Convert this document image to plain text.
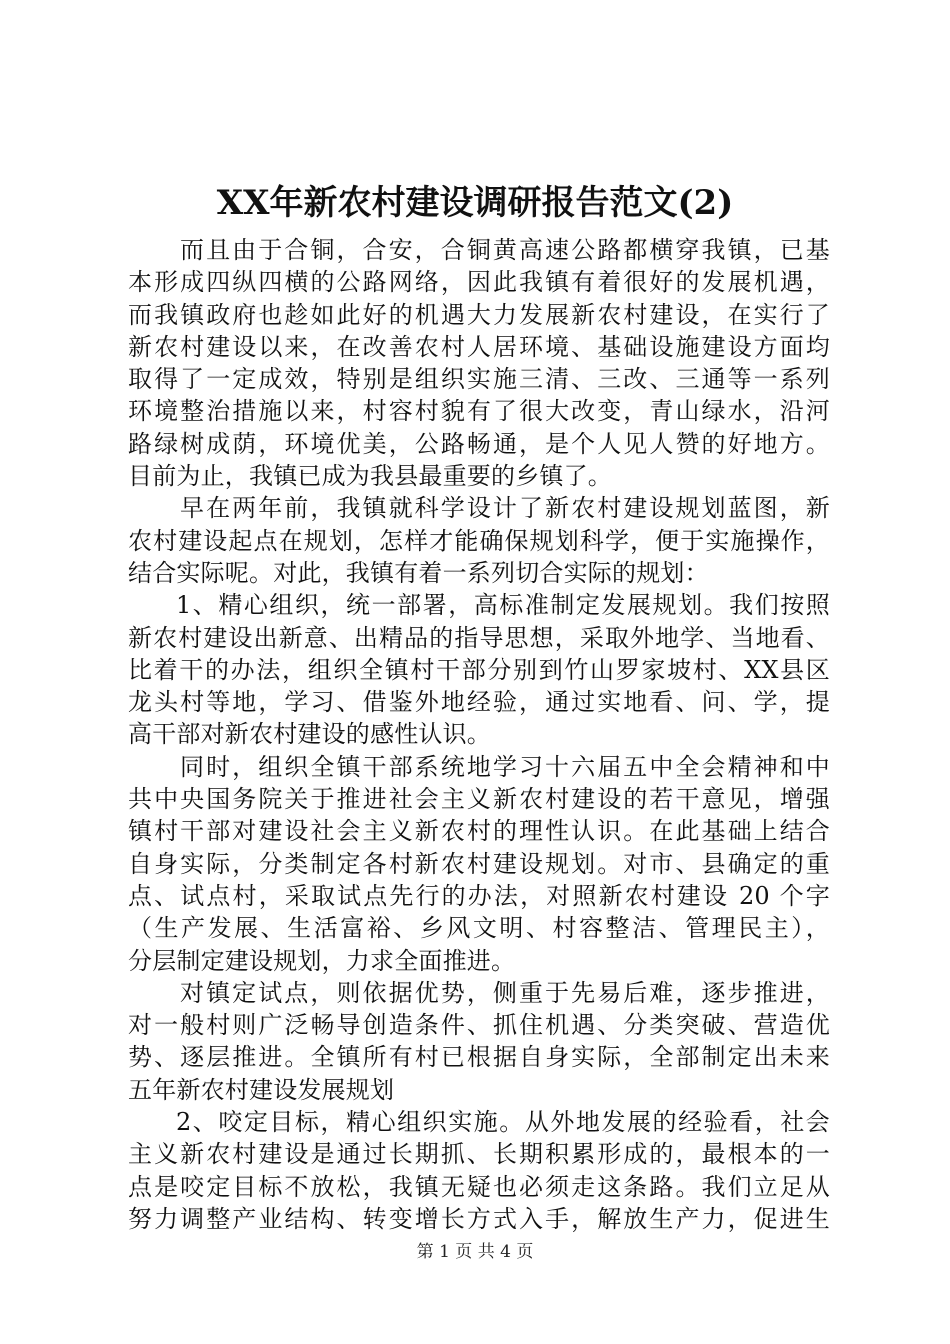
XX年新农村建设调研报告范文(2)
而且由于合铜，合安，合铜黄高速公路都横穿我镇，已基
本形成四纵四横的公路网络，因此我镇有着很好的发展机遇，
而我镇政府也趁如此好的机遇大力发展新农村建设，在实行了
新农村建设以来，在改善农村人居环境、基础设施建设方面均
取得了一定成效，特别是组织实施三清、三改、三通等一系列
环境整治措施以来，村容村貌有了很大改变，青山绿水，沿河
路绿树成荫，环境优美，公路畅通，是个人见人赞的好地方。
目前为止，我镇已成为我县最重要的乡镇了。
早在两年前，我镇就科学设计了新农村建设规划蓝图，新
农村建设起点在规划，怎样才能确保规划科学，便于实施操作，
结合实际呢。对此，我镇有着一系列切合实际的规划：
1、精心组织，统一部署，高标准制定发展规划。我们按照
新农村建设出新意、出精品的指导思想，采取外地学、当地看、
比着干的办法，组织全镇村干部分别到竹山罗家坡村、XX县区
龙头村等地，学习、借鉴外地经验，通过实地看、问、学，提
高干部对新农村建设的感性认识。
同时，组织全镇干部系统地学习十六届五中全会精神和中
共中央国务院关于推进社会主义新农村建设的若干意见，增强
镇村干部对建设社会主义新农村的理性认识。在此基础上结合
自身实际，分类制定各村新农村建设规划。对市、县确定的重
点、试点村，采取试点先行的办法，对照新农村建设 20 个字
（生产发展、生活富裕、乡风文明、村容整洁、管理民主），
分层制定建设规划，力求全面推进。
对镇定试点，则依据优势，侧重于先易后难，逐步推进，
对一般村则广泛畅导创造条件、抓住机遇、分类突破、营造优
势、逐层推进。全镇所有村已根据自身实际，全部制定出未来
五年新农村建设发展规划
2、咬定目标，精心组织实施。从外地发展的经验看，社会
主义新农村建设是通过长期抓、长期积累形成的，最根本的一
点是咬定目标不放松，我镇无疑也必须走这条路。我们立足从
努力调整产业结构、转变增长方式入手，解放生产力，促进生
第 1 页 共 4 页
